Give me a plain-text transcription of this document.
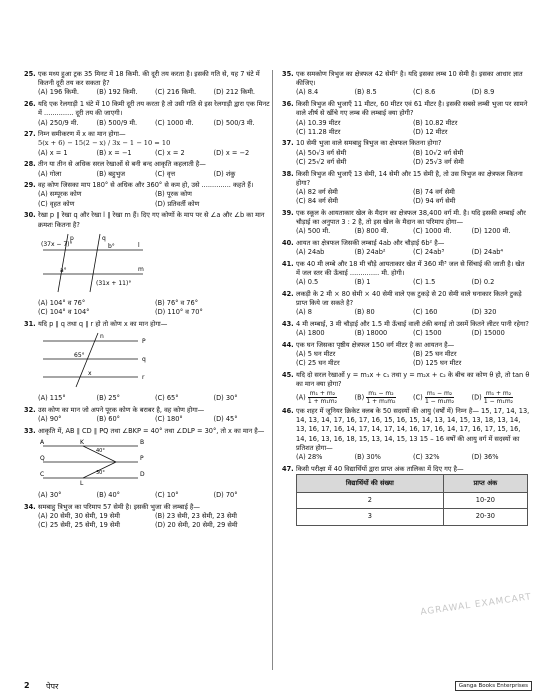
25. एक मध्य हुआ ट्रक 35 मिनट में 18 किमी. की दूरी तय करता है। इसकी गति से, यह 7 घंटे में कितनी दूरी तय कर सकता है?
(A) 196 किमी.	(B) 192 किमी.	(C) 216 किमी.	(D) 212 किमी.
26. यदि एक रेलगाड़ी 1 घंटे में 10 किमी दूरी तय करता है तो उसी गति से इस रेलगाड़ी द्वारा एक मिनट में .............. दूरी तय की जाएगी।
(A) 250/9 मी.	(B) 500/9 मी.	(C) 1000 मी.	(D) 500/3 मी.
27. निम्न समीकरण में x का मान होगा—
5(x + 6) − 15(2 − x) / 3x − 1 − 10 = 10
(A) x = 1	(B) x = −1	(C) x = 2	(D) x = −2
28. तीन या तीन से अधिक सरल रेखाओं से बनी बन्द आकृति कहलाती है—
(A) गोला	(B) बहुभुज	(C) वृत्त	(D) शंकु
29. वह कोण जिसका माप 180° से अधिक और 360° से कम हो, उसे .............. कहते हैं।
(A) सम्पूरक कोण	(B) पूरक कोण
(C) वृहत कोण	(D) प्रतिवर्ती कोण
30. रेखा p ∥ रेखा q और रेखा l ∥ रेखा m हैं। दिए गए कोणों के माप पर से ∠a और ∠b का मान क्रमशः कितना है?
(37x − 7)°
(31x + 11)°
a°
b°	l
m
p	q
(A) 104° व 76°	(B) 76° व 76°
(C) 104° व 104°	(D) 110° व 70°
31. यदि p ∥ q तथा q ∥ r हो तो कोण x का मान होगा—
P
q
r
65°
x
n
(A) 115°	(B) 25°	(C) 65°	(D) 30°
32. उस कोण का मान जो अपने पूरक कोण के बराबर है, वह कोण होगा—
(A) 90°	(B) 60°	(C) 180°	(D) 45°
33. आकृति में, AB ∥ CD ∥ PQ तथा ∠BKP = 40° तथा ∠DLP = 30°, तो x का मान है—
A
Q
C
K
L
B
P
D
40°
30°
(A) 30°	(B) 40°	(C) 10°	(D) 70°
34. समबाहु त्रिभुज का परिमाप 57 सेमी है। इसकी भुजा की लम्बाई है—
(A) 20 सेमी, 30 सेमी, 19 सेमी	(B) 23 सेमी, 23 सेमी, 23 सेमी
(C) 25 सेमी, 25 सेमी, 19 सेमी	(D) 20 सेमी, 20 सेमी, 29 सेमी
35. एक समकोण त्रिभुज का क्षेत्रफल 42 सेमी² है। यदि इसका लम्ब 10 सेमी है। इसका आधार ज्ञात कीजिए।
(A) 8.4	(B) 8.5	(C) 8.6	(D) 8.9
36. किसी त्रिभुज की भुजाएँ 11 मीटर, 60 मीटर एवं 61 मीटर है। इसकी सबसे लम्बी भुजा पर सामने वाले शीर्ष से खींचे गए लम्ब की लम्बाई क्या होगी?
(A) 10.39 मीटर	(B) 10.82 मीटर
(C) 11.28 मीटर	(D) 12 मीटर
37. 10 सेमी भुजा वाले समबाहु त्रिभुज का क्षेत्रफल कितना होगा?
(A) 50√3 वर्ग सेमी	(B) 10√2 वर्ग सेमी
(C) 25√2 वर्ग सेमी	(D) 25√3 वर्ग सेमी
38. किसी त्रिभुज की भुजाएँ 13 सेमी, 14 सेमी और 15 सेमी है, तो उस त्रिभुज का क्षेत्रफल कितना होगा?
(A) 82 वर्ग सेमी	(B) 74 वर्ग सेमी
(C) 84 वर्ग सेमी	(D) 94 वर्ग सेमी
39. एक स्कूल के आयताकार खेल के मैदान का क्षेत्रफल 38,400 वर्ग मी. है। यदि इसकी लम्बाई और चौड़ाई का अनुपात 3 : 2 है, तो इस खेल के मैदान का परिमाप होगा—
(A) 500 मी.	(B) 800 मी.	(C) 1000 मी.	(D) 1200 मी.
40. आयत का क्षेत्रफल जिसकी लम्बाई 4ab और चौड़ाई 6b² है—
(A) 24ab	(B) 24ab²	(C) 24ab³	(D) 24ab⁴
41. एक 40 मी लम्बे और 18 मी चौड़े आयताकार खेत में 360 मी³ जल से सिंचाई की जाती है। खेत में जल स्तर की ऊँचाई .............. मी. होगी।
(A) 0.5	(B) 1	(C) 1.5	(D) 0.2
42. लकड़ी के 2 मी × 80 सेमी × 40 सेमी वाले एक टुकड़े से 20 सेमी वाले घनाकार कितने टुकड़े प्राप्त किये जा सकते है?
(A) 8	(B) 80	(C) 160	(D) 320
43. 4 मी लम्बाई, 3 मी चौड़ाई और 1.5 मी ऊँचाई वाली टंकी बनाई तो उसमें कितने लीटर पानी रहेगा?
(A) 1800	(B) 18000	(C) 1500	(D) 15000
44. एक घन जिसका पृष्ठीय क्षेत्रफल 150 वर्ग मीटर है का आयतन है—
(A) 5 घन मीटर	(B) 25 घन मीटर
(C) 25 घन मीटर	(D) 125 घन मीटर
45. यदि दो सरल रेखाओं y = m₁x + c₁ तथा y = m₂x + c₂ के बीच का कोण θ हो, तो tan θ का मान क्या होगा?
$(A) \frac{\text{m₁ + m₂}}{\text{1 + m₁m₂}}$	$(B) \frac{\text{m₁ − m₂}}{\text{1 + m₁m₂}}$	$(C) \frac{\text{m₁ − m₂}}{\text{1 − m₁m₂}}$	$(D) \frac{\text{m₁ + m₂}}{\text{1 − m₁m₂}}$
46. एक शहर में जूनियर क्रिकेट क्लब के 50 सदस्यों की आयु (वर्षों में) निम्न है— 15, 17, 14, 13, 14, 13, 14, 17, 16, 17, 16, 15, 16, 15, 14, 13, 14, 15, 13, 18, 13, 14, 13, 16, 17, 16, 14, 17, 14, 17, 14, 16, 17, 16, 14, 17, 16, 17, 15, 16, 14, 16, 13, 16, 18, 15, 13, 14, 15, 13 15 – 16 वर्षों की आयु वर्ग में सदस्यों का प्रतिशत होगा—
(A) 28%	(B) 30%	(C) 32%	(D) 36%
47. किसी परीक्षा में 40 विद्यार्थियों द्वारा प्राप्त अंक तालिका में दिए गए है—
विद्यार्थियों की संख्या	प्राप्त अंक
2	10-20
3	20-30
AGRAWAL EXAMCART
2 पेपर	Ganga Books Enterprises
